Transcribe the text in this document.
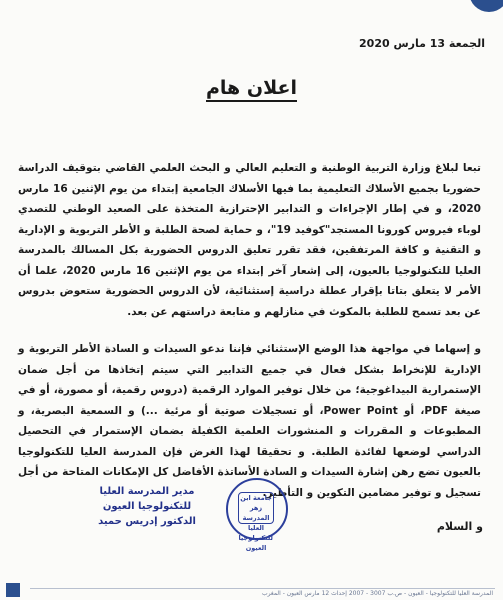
الجمعة 13 مارس 2020
اعلان هام
تبعا لبلاغ وزارة التربية الوطنية و التعليم العالي و البحث العلمي القاضي بتوقيف الدراسة حضوريا بجميع الأسلاك التعليمية بما فيها الأسلاك الجامعية إبتداء من يوم الإثنين 16 مارس 2020، و في إطار الإجراءات و التدابير الإحترازية المتخذة على الصعيد الوطني للتصدي لوباء فيروس كورونا المستجد"كوفيد 19"، و حماية لصحة الطلبة و الأطر التربوية و الإدارية و التقنية و كافة المرتفقين، فقد تقرر تعليق الدروس الحضورية بكل المسالك بالمدرسة العليا للتكنولوجيا بالعيون، إلى إشعار آخر إبتداء من يوم الإثنين 16 مارس 2020، علما أن الأمر لا يتعلق بتاتا بإقرار عطلة دراسية إستثنائية، لأن الدروس الحضورية ستعوض بدروس عن بعد تسمح للطلبة بالمكوث في منازلهم و متابعة دراستهم عن بعد.
و إسهاما في مواجهة هذا الوضع الإستثنائي فإننا ندعو السيدات و السادة الأطر التربوية و الإدارية للإنخراط بشكل فعال في جميع التدابير التي سيتم إتخاذها من أجل ضمان الإستمرارية البيداغوجية؛ من خلال توفير الموارد الرقمية (دروس رقمية، أو مصورة، أو في صيغة PDF، أو Power Point، أو تسجيلات صوتية أو مرئية ...) و السمعية البصرية، و المطبوعات و المقررات و المنشورات العلمية الكفيلة بضمان الإستمرار في التحصيل الدراسي لوضعها لفائدة الطلبة. و تحقيقا لهذا الغرض فإن المدرسة العليا للتكنولوجيا بالعيون تضع رهن إشارة السيدات و السادة الأساتذة الأفاضل كل الإمكانات المتاحة من أجل تسجيل و توفير مضامين التكوين و التأطير.
مدير المدرسة العليا
للتكنولوجيا العيون
الدكتور إدريس حميد
جامعة ابن زهر المدرسة العليا للتكنولوجيا العيون
و السلام
المدرسة العليا للتكنولوجيا - العيون - ص.ب 3007 - 2007 إحداث 12 مارس العيون - المغرب
